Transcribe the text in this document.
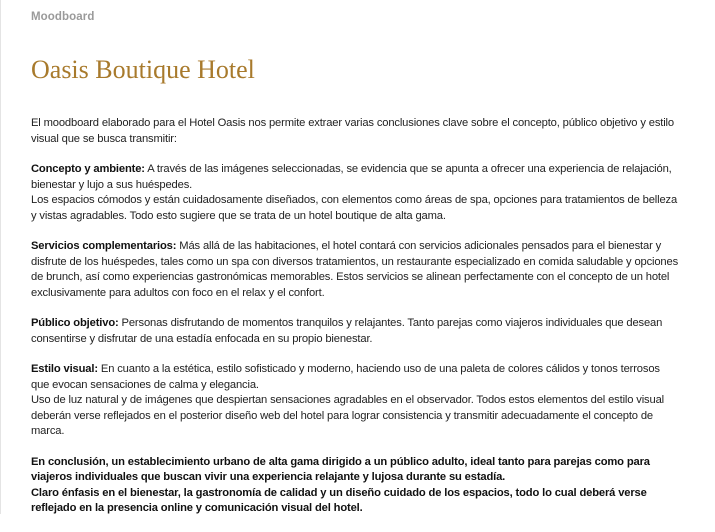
Moodboard
Oasis Boutique Hotel

El moodboard elaborado para el Hotel Oasis nos permite extraer varias conclusiones clave sobre el concepto, público objetivo y estilo visual que se busca transmitir:

Concepto y ambiente: A través de las imágenes seleccionadas, se evidencia que se apunta a ofrecer una experiencia de relajación, bienestar y lujo a sus huéspedes.
Los espacios cómodos y están cuidadosamente diseñados, con elementos como áreas de spa, opciones para tratamientos de belleza y vistas agradables. Todo esto sugiere que se trata de un hotel boutique de alta gama.

Servicios complementarios: Más allá de las habitaciones, el hotel contará con servicios adicionales pensados para el bienestar y disfrute de los huéspedes, tales como un spa con diversos tratamientos, un restaurante especializado en comida saludable y opciones de brunch, así como experiencias gastronómicas memorables. Estos servicios se alinean perfectamente con el concepto de un hotel exclusivamente para adultos con foco en el relax y el confort.

Público objetivo: Personas disfrutando de momentos tranquilos y relajantes. Tanto parejas como viajeros individuales que desean consentirse y disfrutar de una estadía enfocada en su propio bienestar.

Estilo visual: En cuanto a la estética, estilo sofisticado y moderno, haciendo uso de una paleta de colores cálidos y tonos terrosos que evocan sensaciones de calma y elegancia.
Uso de luz natural y de imágenes que despiertan sensaciones agradables en el observador. Todos estos elementos del estilo visual deberán verse reflejados en el posterior diseño web del hotel para lograr consistencia y transmitir adecuadamente el concepto de marca.

En conclusión, un establecimiento urbano de alta gama dirigido a un público adulto, ideal tanto para parejas como para viajeros individuales que buscan vivir una experiencia relajante y lujosa durante su estadía.
Claro énfasis en el bienestar, la gastronomía de calidad y un diseño cuidado de los espacios, todo lo cual deberá verse reflejado en la presencia online y comunicación visual del hotel.
